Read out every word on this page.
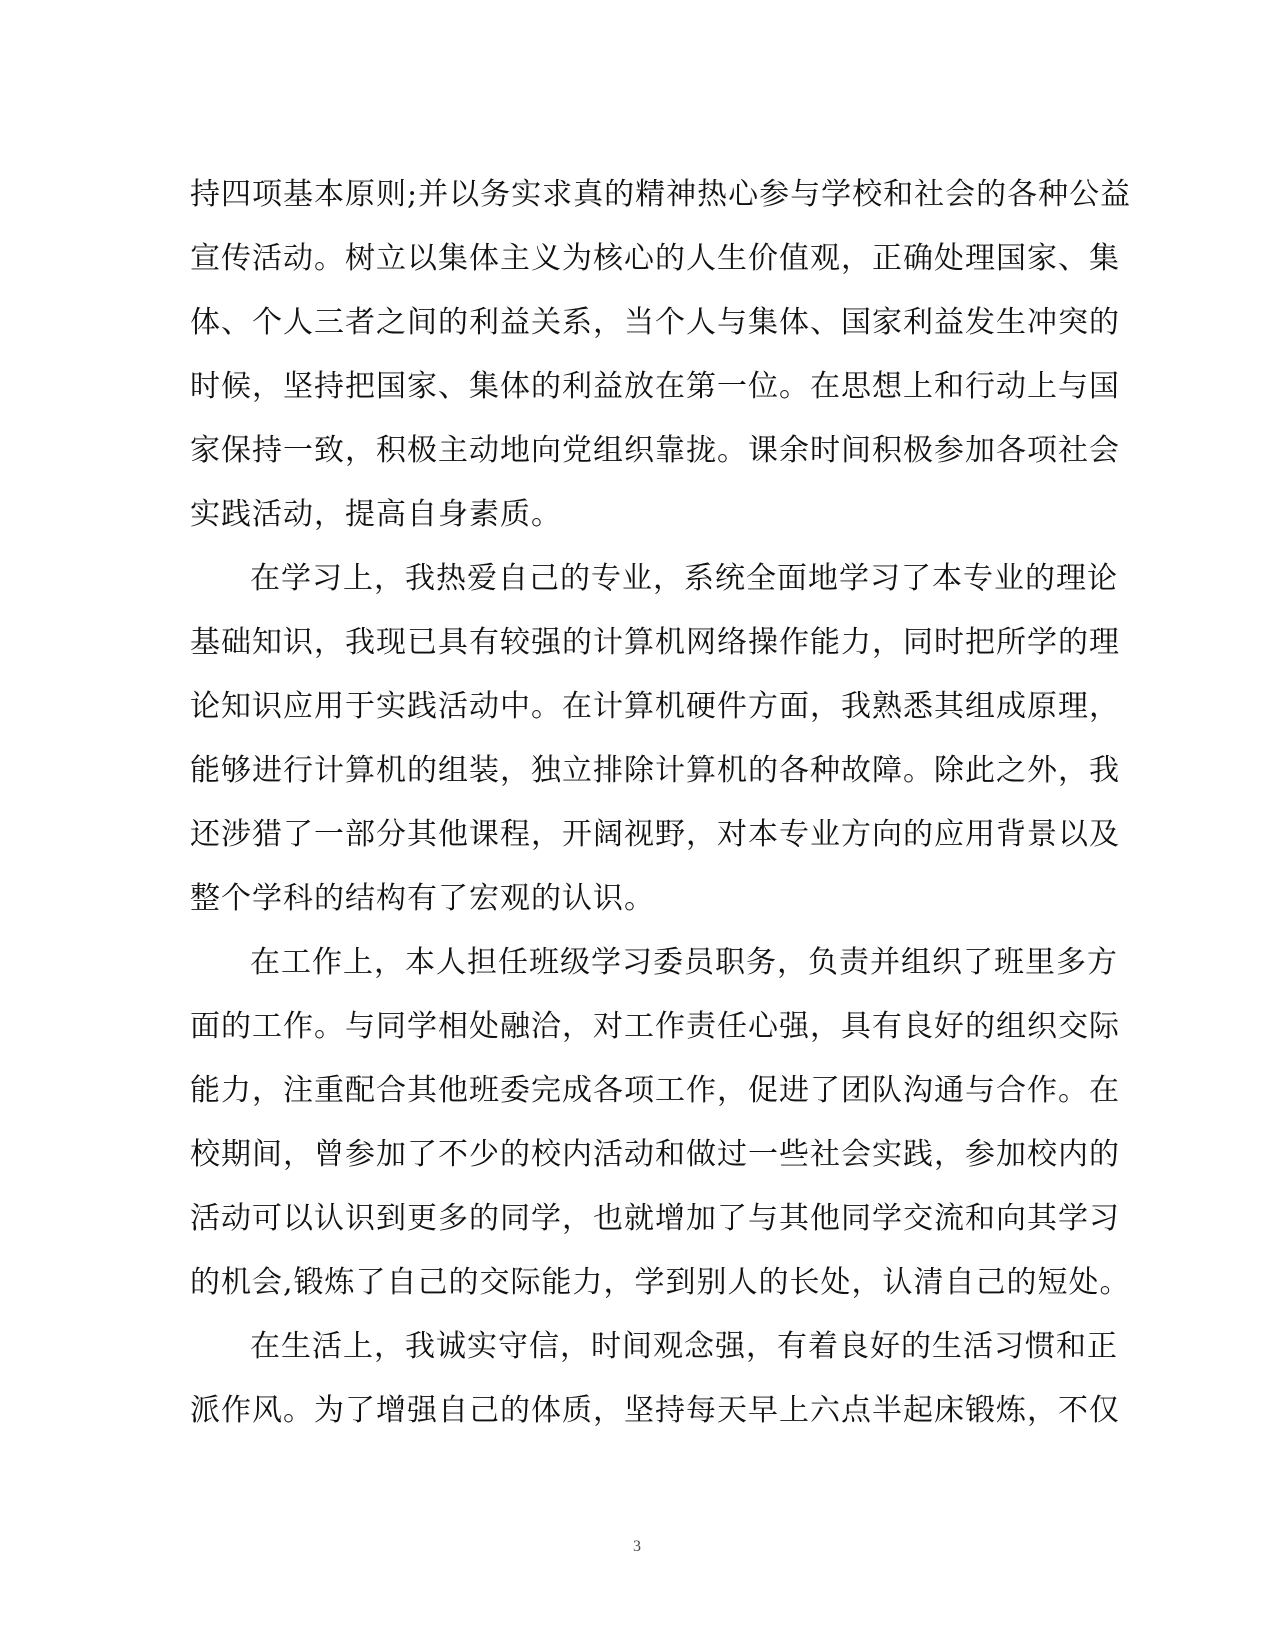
持四项基本原则;并以务实求真的精神热心参与学校和社会的各种公益
宣传活动。树立以集体主义为核心的人生价值观，正确处理国家、集
体、个人三者之间的利益关系，当个人与集体、国家利益发生冲突的
时候，坚持把国家、集体的利益放在第一位。在思想上和行动上与国
家保持一致，积极主动地向党组织靠拢。课余时间积极参加各项社会
实践活动，提高自身素质。
在学习上，我热爱自己的专业，系统全面地学习了本专业的理论
基础知识，我现已具有较强的计算机网络操作能力，同时把所学的理
论知识应用于实践活动中。在计算机硬件方面，我熟悉其组成原理，
能够进行计算机的组装，独立排除计算机的各种故障。除此之外，我
还涉猎了一部分其他课程，开阔视野，对本专业方向的应用背景以及
整个学科的结构有了宏观的认识。
在工作上，本人担任班级学习委员职务，负责并组织了班里多方
面的工作。与同学相处融洽，对工作责任心强，具有良好的组织交际
能力，注重配合其他班委完成各项工作，促进了团队沟通与合作。在
校期间，曾参加了不少的校内活动和做过一些社会实践，参加校内的
活动可以认识到更多的同学，也就增加了与其他同学交流和向其学习
的机会,锻炼了自己的交际能力，学到别人的长处，认清自己的短处。
在生活上，我诚实守信，时间观念强，有着良好的生活习惯和正
派作风。为了增强自己的体质，坚持每天早上六点半起床锻炼，不仅
3
